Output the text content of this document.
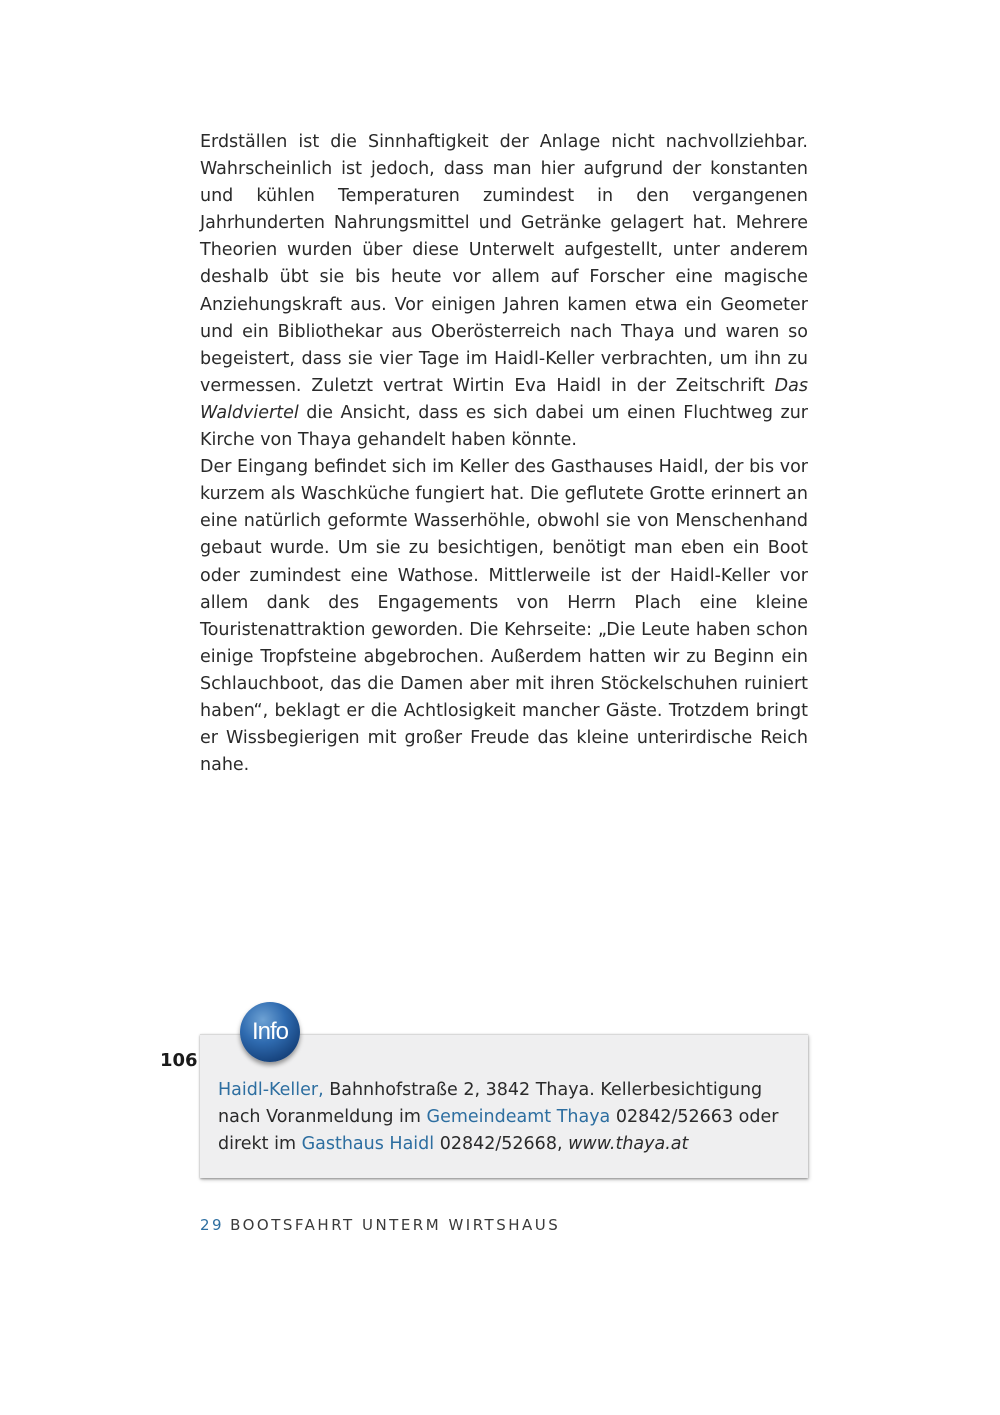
Erdställen ist die Sinnhaftigkeit der Anlage nicht nachvollziehbar. Wahrscheinlich ist jedoch, dass man hier aufgrund der konstanten und kühlen Temperaturen zumindest in den vergangenen Jahrhunderten Nahrungsmittel und Getränke gelagert hat. Mehrere Theorien wurden über diese Unterwelt aufgestellt, unter anderem deshalb übt sie bis heute vor allem auf Forscher eine magische Anziehungskraft aus. Vor einigen Jahren kamen etwa ein Geometer und ein Bibliothekar aus Oberösterreich nach Thaya und waren so begeistert, dass sie vier Tage im Haidl-Keller verbrachten, um ihn zu vermessen. Zuletzt vertrat Wirtin Eva Haidl in der Zeitschrift Das Waldviertel die Ansicht, dass es sich dabei um einen Fluchtweg zur Kirche von Thaya gehandelt haben könnte.

Der Eingang befindet sich im Keller des Gasthauses Haidl, der bis vor kurzem als Waschküche fungiert hat. Die geflutete Grotte erinnert an eine natürlich geformte Wasserhöhle, obwohl sie von Menschenhand gebaut wurde. Um sie zu besichtigen, benötigt man eben ein Boot oder zumindest eine Wathose. Mittlerweile ist der Haidl-Keller vor allem dank des Engagements von Herrn Plach eine kleine Touristenattraktion geworden. Die Kehrseite: „Die Leute haben schon einige Tropfsteine abgebrochen. Außerdem hatten wir zu Beginn ein Schlauchboot, das die Damen aber mit ihren Stöckelschuhen ruiniert haben“, beklagt er die Achtlosigkeit mancher Gäste. Trotzdem bringt er Wissbegierigen mit großer Freude das kleine unterirdische Reich nahe.

106
Info

Haidl-Keller, Bahnhofstraße 2, 3842 Thaya. Kellerbesichtigung nach Voranmeldung im Gemeindeamt Thaya 02842/52663 oder direkt im Gasthaus Haidl 02842/52668, www.thaya.at

29 BOOTSFAHRT UNTERM WIRTSHAUS
